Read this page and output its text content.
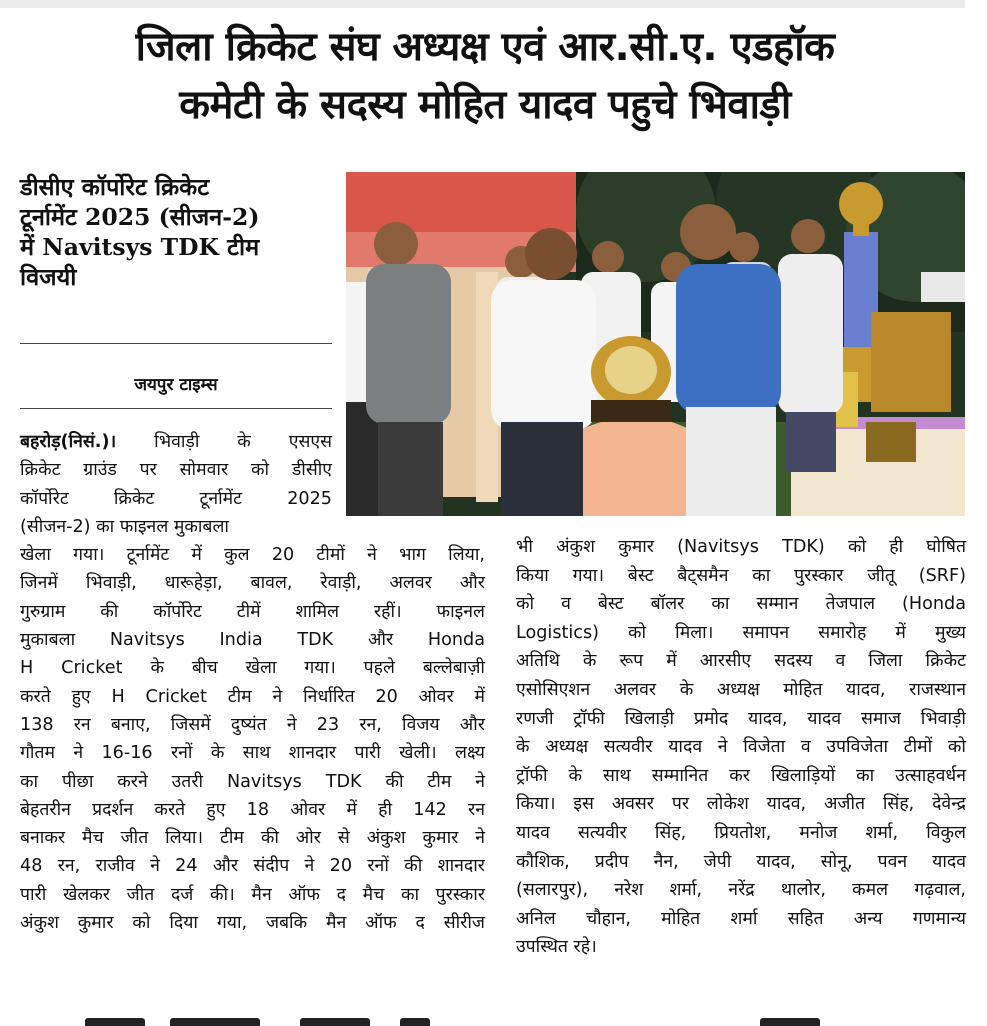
जिला क्रिकेट संघ अध्यक्ष एवं आर.सी.ए. एडहॉक
कमेटी के सदस्य मोहित यादव पहुचे भिवाड़ी
डीसीए कॉर्पोरेट क्रिकेट
टूर्नामेंट 2025 (सीजन-2)
में Navitsys TDK टीम
विजयी
जयपुर टाइम्स
बहरोड़(निसं.)। भिवाड़ी के एसएस
क्रिकेट ग्राउंड पर सोमवार को डीसीए
कॉर्पोरेट क्रिकेट टूर्नामेंट 2025
(सीजन-2) का फाइनल मुकाबला
खेला गया। टूर्नामेंट में कुल 20 टीमों ने भाग लिया,
जिनमें भिवाड़ी, धारूहेड़ा, बावल, रेवाड़ी, अलवर और
गुरुग्राम की कॉर्पोरेट टीमें शामिल रहीं। फाइनल
मुकाबला Navitsys India TDK और Honda
H Cricket के बीच खेला गया। पहले बल्लेबाज़ी
करते हुए H Cricket टीम ने निर्धारित 20 ओवर में
138 रन बनाए, जिसमें दुष्यंत ने 23 रन, विजय और
गौतम ने 16-16 रनों के साथ शानदार पारी खेली। लक्ष्य
का पीछा करने उतरी Navitsys TDK की टीम ने
बेहतरीन प्रदर्शन करते हुए 18 ओवर में ही 142 रन
बनाकर मैच जीत लिया। टीम की ओर से अंकुश कुमार ने
48 रन, राजीव ने 24 और संदीप ने 20 रनों की शानदार
पारी खेलकर जीत दर्ज की। मैन ऑफ द मैच का पुरस्कार
अंकुश कुमार को दिया गया, जबकि मैन ऑफ द सीरीज
भी अंकुश कुमार (Navitsys TDK) को ही घोषित
किया गया। बेस्ट बैट्समैन का पुरस्कार जीतू (SRF)
को व बेस्ट बॉलर का सम्मान तेजपाल (Honda
Logistics) को मिला। समापन समारोह में मुख्य
अतिथि के रूप में आरसीए सदस्य व जिला क्रिकेट
एसोसिएशन अलवर के अध्यक्ष मोहित यादव, राजस्थान
रणजी ट्रॉफी खिलाड़ी प्रमोद यादव, यादव समाज भिवाड़ी
के अध्यक्ष सत्यवीर यादव ने विजेता व उपविजेता टीमों को
ट्रॉफी के साथ सम्मानित कर खिलाड़ियों का उत्साहवर्धन
किया। इस अवसर पर लोकेश यादव, अजीत सिंह, देवेन्द्र
यादव सत्यवीर सिंह, प्रियतोश, मनोज शर्मा, विकुल
कौशिक, प्रदीप नैन, जेपी यादव, सोनू, पवन यादव
(सलारपुर), नरेश शर्मा, नरेंद्र थालोर, कमल गढ़वाल,
अनिल चौहान, मोहित शर्मा सहित अन्य गणमान्य
उपस्थित रहे।
